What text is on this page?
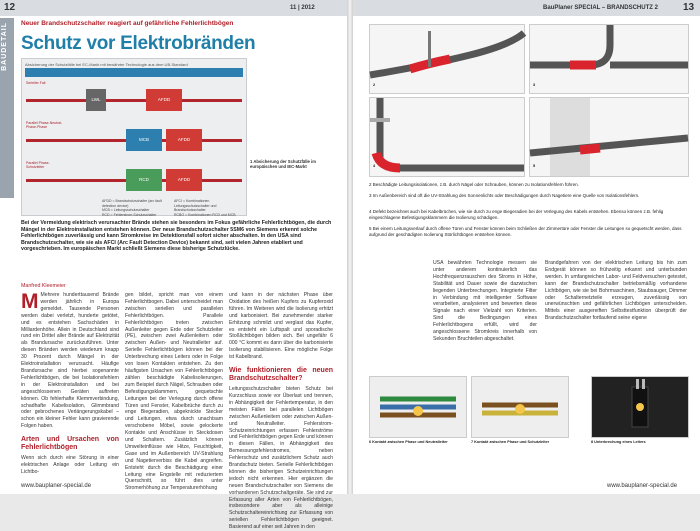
12	11 | 2012
BAUDETAIL Neuer Brandschutzschalter reagiert auf gefährliche Fehlerlichtbögen
Schutz vor Elektrobränden
Absicherung der Schutzfälle bei EC-Markt mit bewährter Technologie aus dem UB-Standard
Serieller Fall
LWL	AFDD
Parallel Phase-Neutral-Phase-Phase
MCB	AFDD
Parallel Phase-Schutzleiter
RCD	AFDD
AFDD = Brandschutzschalter (arc fault detection device)
MCB = Leitungsschutzschalter
RCD = Fehlerstrom-Schutzschalter
AFCI = Kombinationen Leitungsschutzschalter und Brandschutzschalter
RCBO = Kombinationen RCD und MCB
1 Absicherung der Schutzfälle im europäischen und IEC-Markt
Bei der Vermeidung elektrisch verursachter Brände stehen sie besonders im Fokus gefährliche Fehlerlichtbögen, die durch Mängel in der Elektroinstallation entstehen können. Der neue Brandschutzschalter 5SM6 von Siemens erkennt solche Fehlerlichtbögen zuverlässig und kann Stromkreise im Detektionsfall sofort sicher abschalten. In den USA sind Brandschutzschalter, wie sie als AFCI (Arc Fault Detection Device) bekannt sind, seit vielen Jahren etabliert und vorgeschrieben. Im europäischen Markt schließt Siemens diese bisherige Schutzlücke.
Manfred Kleemeier
M Mehrere hunderttausend Brände werden jährlich in Europa gemeldet. Tausende Personen werden dabei verletzt, hunderte getötet, und es entstehen Sachschäden in Milliardenhöhe. Allein in Deutschland sind rund ein Drittel aller Brände auf Elektrizität als Brandursache zurückzuführen. Unter diesen Bränden werden wiederum knapp 30 Prozent durch Mängel in der Elektroinstallation verursacht. Häufige Brandursache sind hierbei sogenannte Fehlerlichtbögen, die bei Isolationsfehlern in der Elektroinstallation und bei angeschlossenen Geräten auftreten können. Ob fehlerhafte Klemmverbindung, schadhafte Kabelisolation, Glimmbrand oder gebrochenes Verlängerungskabel – schon ein kleiner Fehler kann gravierende Folgen haben.
Arten und Ursachen von Fehlerlichtbögen
Wenn sich durch eine Störung in einer elektrischen Anlage oder Leitung ein Lichtbo-
gen bildet, spricht man von einem Fehlerlichtbogen. Dabei unterscheidet man zwischen seriellen und parallelen Fehlerlichtbögen. Parallele Fehlerlichtbögen treten zwischen Außenleiter gegen Erde oder Schutzleiter (PE), zwischen zwei Außenleitern oder zwischen Außen- und Neutralleiter auf. Serielle Fehlerlichtbögen können bei der Unterbrechung eines Leiters oder in Folge von losen Kontakten entstehen. Zu den häufigsten Ursachen von Fehlerlichtbögen zählen beschädigte Kabelisolierungen, zum Beispiel durch Nägel, Schrauben oder Befestigungsklammern, gequetschte Leitungen bei der Verlegung durch offene Türen und Fenster, Kabelbrüche durch zu enge Biegeradien, abgeknickte Stecker und Leitungen, etwa durch unachtsam verschobene Möbel, sowie gelockerte Kontakte und Anschlüsse in Steckdosen und Schaltern. Zusätzlich können Umwelteinflüsse wie Hitze, Feuchtigkeit, Gase und im Außenbereich UV-Strahlung und Nagetierverbiss die Kabel angreifen. Entsteht durch die Beschädigung einer Leitung eine Engstelle mit reduziertem Querschnitt, so führt dies unter Stromerhöhung zur Temperaturerhöhung
und kann in der nächsten Phase über Oxidation des heißen Kupfers zu Kupferoxid führen. Im Weiteren wird die Isolierung erhitzt und karbonisiert. Bei zunehmender starker Erhitzung schmilzt und verglast das Kupfer, es entsteht ein Luftspalt und sporadische Stoßlichtbögen bilden sich. Bei ungefähr 6 000 °C kommt es dann über die karbonisierte Isolierung stabilisieren. Eine mögliche Folge ist Kabelbrand.
Wie funktionieren die neuen Brandschutzschalter?
Leitungsschutzschalter bieten Schutz bei Kurzschluss sowie vor Überlast und trennen, in Abhängigkeit der Fehlertemperatur, in den meisten Fällen bei parallelen Lichtbögen zwischen Außenleitern oder zwischen Außen- und Neutralleiter. Fehlerstrom-Schutzeinrichtungen erfassen Fehlerströme und Fehlerlichtbögen gegen Erde und können in diesen Fällen, in Abhängigkeit des Bemessungsfehlerstromes, neben Fehlerschutz und zusätzlichem Schutz auch Brandschutz bieten. Serielle Fehlerlichtbögen können die bisherigen Schutzeinrichtungen jedoch nicht erkennen. Hier ergänzen die neuen Brandschutzschalter von Siemens die vorhandenen Schutzschaltgeräte. Sie sind zur Erfassung aller Arten von Fehlerlichtbögen, insbesondere aber als alleinige Schutzschaltereinrichtung zur Erfassung von seriellen Fehlerlichtbögen geeignet. Basierend auf einer seit Jahren in den
www.bauplaner-special.de
BauPlaner SPECIAL – BRANDSCHUTZ 2	13
2	3
4	5
2 Beschädigte Leitungsisolationen, z.B. durch Nägel oder Schrauben, können zu Isolationsfehlern führen.
3 Im Außenbereich sind oft die UV-Strahlung des Sonnenlichts oder Beschädigungen durch Nagetiere eine Quelle von Isolationsfehlern.
4 Defekt bezeichnet auch bei Kabelbrüchen, wie sie durch zu enge Biegeradien bei der Verlegung des Kabels entstehen. Ebenso können z.B. fehlig eingeschlagene Befestigungsklammern die Isolierung schädigen.
5 Bei einem Leitungsverlauf durch offene Türen und Fenster können beim Schließen der Zimmertüre oder Fenster die Leitungen so gequetscht werden, dass aufgrund der geschädigten Isolierung Störlichtbögen entstehen können.
USA bewährten Technologie messen sie unter anderem kontinuierlich das Hochfrequenzrauschen des Stroms in Höhe, Stabilität und Dauer sowie die dazwischen liegenden Unterbrechungen. Integrierte Filter in Verbindung mit intelligenter Software verarbeiten, analysieren und bewerten diese Signale nach einer Vielzahl von Kriterien. Sind die Bedingungen eines Fehlerlichtbogens erfüllt, wird der angeschlossene Stromkreis innerhalb von Sekunden Bruchteilen abgeschaltet.
Brandgefahren von der elektrischen Leitung bis hin zum Endgerät können so frühzeitig erkannt und unterbunden werden. In umfangreichen Labor- und Feldversuchen getestet, kann der Brandschutzschalter betriebsmäßig vorhandene Lichtbögen, wie sie bei Bohrmaschinen, Staubsauger, Dimmer oder Schalternetzteile erzeugen, zuverlässig von unerwünschten und gefährlichen Lichtbögen unterscheiden. Mittels einer ausgereiften Selbsttestfunktion überprüft der Brandschutzschalter fortlaufend seine eigene
6 Kontakt zwischen Phase und Neutralleiter	7 Kontakt zwischen Phase und Schutzleiter	8 Unterbrechung eines Leiters
www.bauplaner-special.de
